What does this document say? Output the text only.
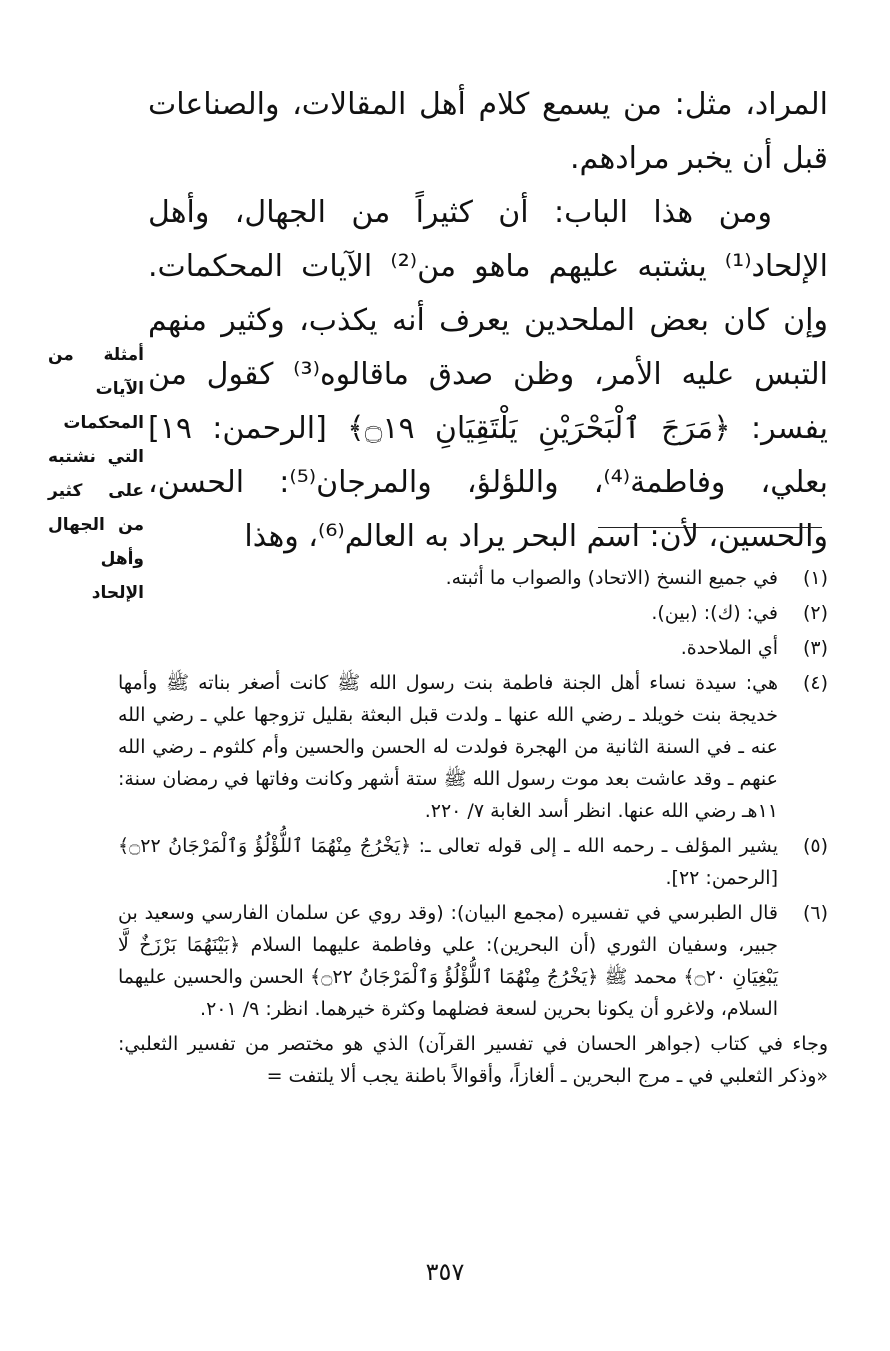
المراد، مثل: من يسمع كلام أهل المقالات، والصناعات قبل أن يخبر مرادهم.

ومن هذا الباب: أن كثيراً من الجهال، وأهل الإلحاد⁽¹⁾ يشتبه عليهم ماهو من⁽²⁾ الآيات المحكمات. وإن كان بعض الملحدين يعرف أنه يكذب، وكثير منهم التبس عليه الأمر، وظن صدق ماقالوه⁽³⁾ كقول من يفسر: ﴿مَرَجَ ٱلْبَحْرَيْنِ يَلْتَقِيَانِ ۝١٩﴾ [الرحمن: ١٩] بعلي، وفاطمة⁽⁴⁾، واللؤلؤ، والمرجان⁽⁵⁾: الحسن، والحسين، لأن: اسم البحر يراد به العالم⁽⁶⁾، وهذا

أمثلة من الآيات المحكمات التي نشتبه على كثير من الجهال وأهل الإلحاد
(١)
في جميع النسخ (الاتحاد) والصواب ما أثبته.
(٢)
في: (ك): (بين).
(٣)
أي الملاحدة.
(٤)
هي: سيدة نساء أهل الجنة فاطمة بنت رسول الله ﷺ كانت أصغر بناته ﷺ وأمها خديجة بنت خويلد ـ رضي الله عنها ـ ولدت قبل البعثة بقليل تزوجها علي ـ رضي الله عنه ـ في السنة الثانية من الهجرة فولدت له الحسن والحسين وأم كلثوم ـ رضي الله عنهم ـ وقد عاشت بعد موت رسول الله ﷺ ستة أشهر وكانت وفاتها في رمضان سنة: ١١هـ رضي الله عنها. انظر أسد الغابة ٧/ ٢٢٠.
(٥)
يشير المؤلف ـ رحمه الله ـ إلى قوله تعالى ـ: ﴿يَخْرُجُ مِنْهُمَا ٱللُّؤْلُؤُ وَٱلْمَرْجَانُ ۝٢٢﴾ [الرحمن: ٢٢].
(٦)
قال الطبرسي في تفسيره (مجمع البيان): (وقد روي عن سلمان الفارسي وسعيد بن جبير، وسفيان الثوري (أن البحرين): علي وفاطمة عليهما السلام ﴿بَيْنَهُمَا بَرْزَخٌ لَّا يَبْغِيَانِ ۝٢٠﴾ محمد ﷺ ﴿يَخْرُجُ مِنْهُمَا ٱللُّؤْلُؤُ وَٱلْمَرْجَانُ ۝٢٢﴾ الحسن والحسين عليهما السلام، ولاغرو أن يكونا بحرين لسعة فضلهما وكثرة خيرهما. انظر: ٩/ ٢٠١.
وجاء في كتاب (جواهر الحسان في تفسير القرآن) الذي هو مختصر من تفسير الثعلبي: «وذكر الثعلبي في ـ مرج البحرين ـ ألغازاً، وأقوالاً باطنة يجب ألا يلتفت =
٣٥٧
